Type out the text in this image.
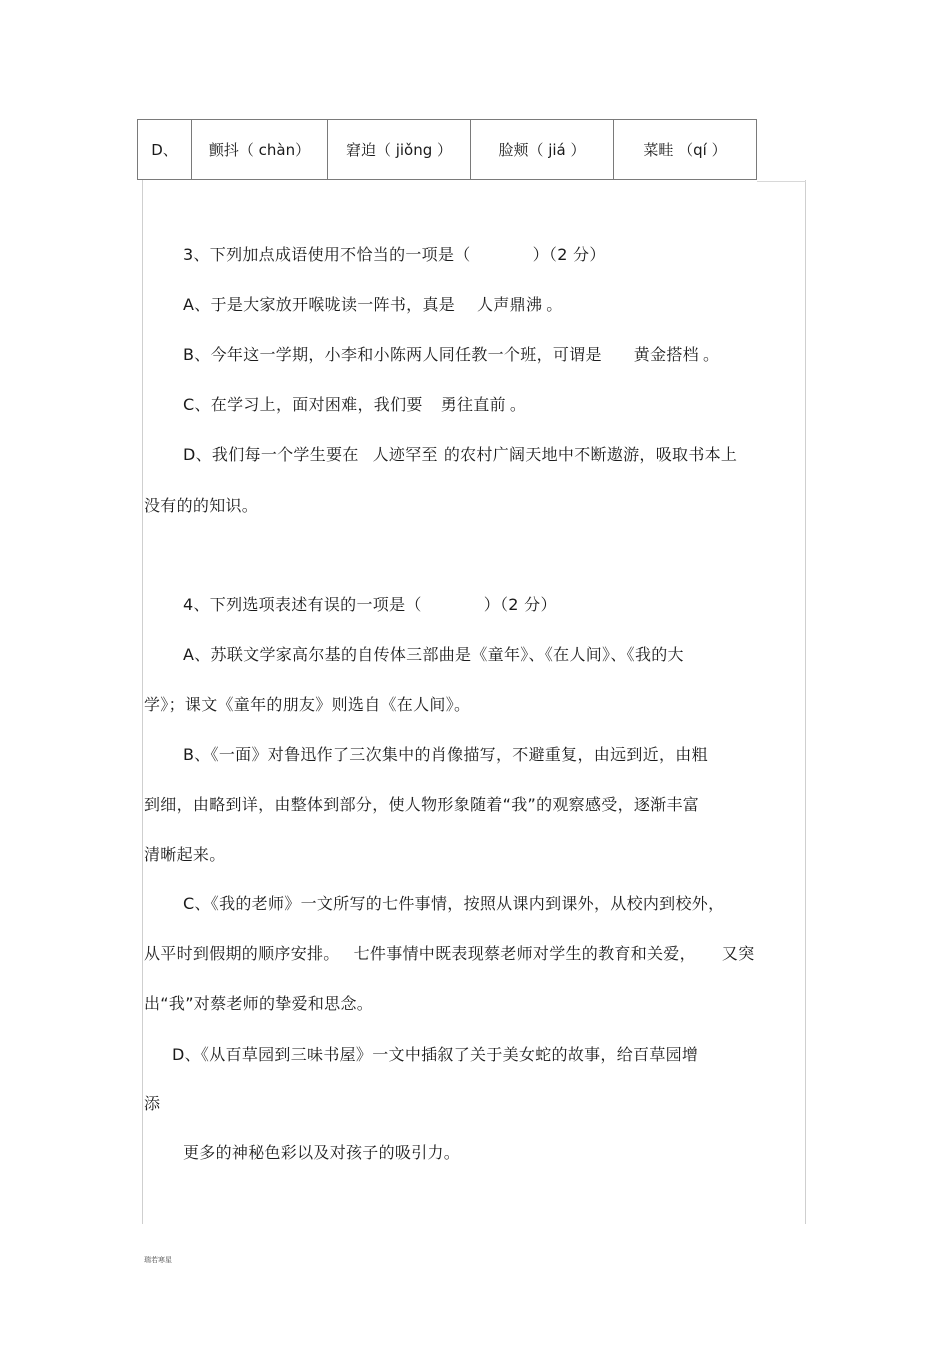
D、	颤抖（ chàn）	窘迫（ jiǒng ）	脸颊（ jiá ）	菜畦 （qí ）
3、下列加点成语使用不恰当的一项是（	）（2 分）
A、于是大家放开喉咙读一阵书，真是 人声鼎沸 。
B、今年这一学期，小李和小陈两人同任教一个班，可谓是 黄金搭档 。
C、在学习上，面对困难，我们要 勇往直前 。
D、我们每一个学生要在 人迹罕至 的农村广阔天地中不断遨游，吸取书本上
没有的的知识。
4、下列选项表述有误的一项是（	）（2 分）
A、苏联文学家高尔基的自传体三部曲是《童年》、《在人间》、《我的大
学》；课文《童年的朋友》则选自《在人间》。
B、《一面》对鲁迅作了三次集中的肖像描写，不避重复，由远到近，由粗
到细，由略到详，由整体到部分，使人物形象随着“我”的观察感受，逐渐丰富
清晰起来。
C、《我的老师》一文所写的七件事情，按照从课内到课外，从校内到校外，
从平时到假期的顺序安排。 七件事情中既表现蔡老师对学生的教育和关爱， 又突
出“我”对蔡老师的挚爱和思念。
D、《从百草园到三味书屋》一文中插叙了关于美女蛇的故事，给百草园增
添
更多的神秘色彩以及对孩子的吸引力。
瑞若寒星
